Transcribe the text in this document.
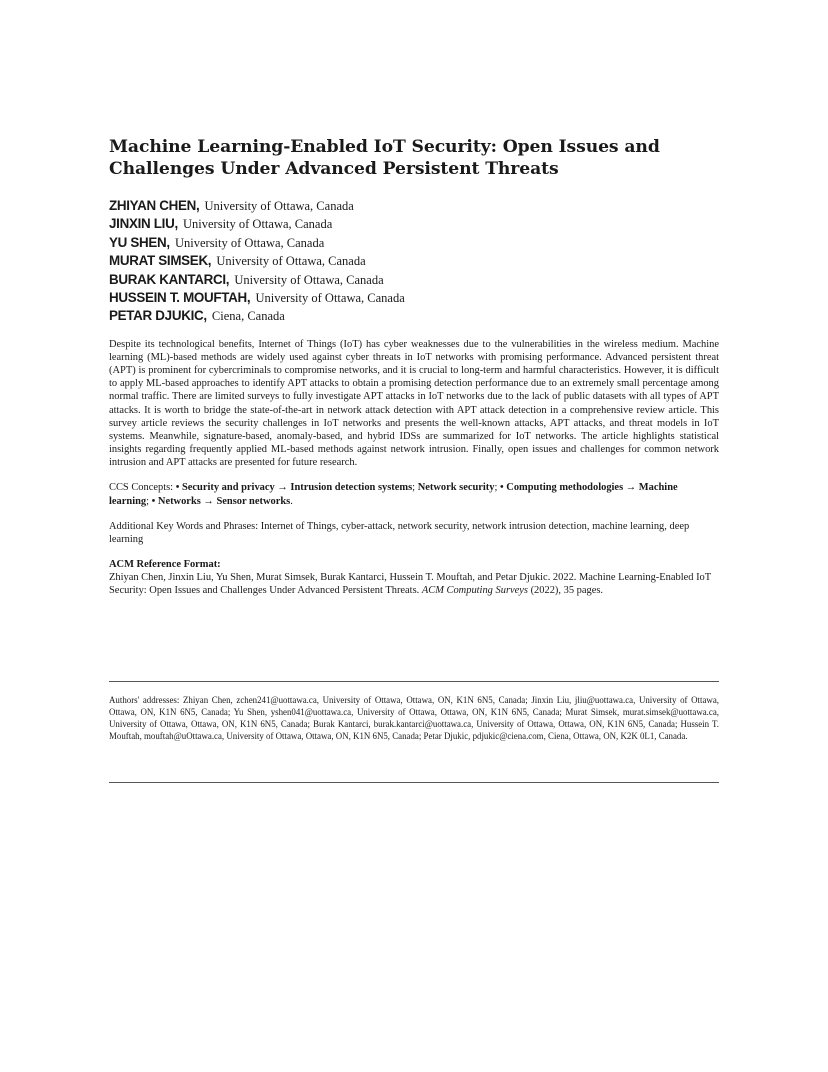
Machine Learning-Enabled IoT Security: Open Issues and Challenges Under Advanced Persistent Threats
ZHIYAN CHEN, University of Ottawa, Canada
JINXIN LIU, University of Ottawa, Canada
YU SHEN, University of Ottawa, Canada
MURAT SIMSEK, University of Ottawa, Canada
BURAK KANTARCI, University of Ottawa, Canada
HUSSEIN T. MOUFTAH, University of Ottawa, Canada
PETAR DJUKIC, Ciena, Canada

Despite its technological benefits, Internet of Things (IoT) has cyber weaknesses due to the vulnerabilities in the wireless medium. Machine learning (ML)-based methods are widely used against cyber threats in IoT networks with promising performance. Advanced persistent threat (APT) is prominent for cybercriminals to compromise networks, and it is crucial to long-term and harmful characteristics. However, it is difficult to apply ML-based approaches to identify APT attacks to obtain a promising detection performance due to an extremely small percentage among normal traffic. There are limited surveys to fully investigate APT attacks in IoT networks due to the lack of public datasets with all types of APT attacks. It is worth to bridge the state-of-the-art in network attack detection with APT attack detection in a comprehensive review article. This survey article reviews the security challenges in IoT networks and presents the well-known attacks, APT attacks, and threat models in IoT systems. Meanwhile, signature-based, anomaly-based, and hybrid IDSs are summarized for IoT networks. The article highlights statistical insights regarding frequently applied ML-based methods against network intrusion. Finally, open issues and challenges for common network intrusion and APT attacks are presented for future research.

CCS Concepts: • Security and privacy → Intrusion detection systems; Network security; • Computing methodologies → Machine learning; • Networks → Sensor networks.

Additional Key Words and Phrases: Internet of Things, cyber-attack, network security, network intrusion detection, machine learning, deep learning

ACM Reference Format:

Zhiyan Chen, Jinxin Liu, Yu Shen, Murat Simsek, Burak Kantarci, Hussein T. Mouftah, and Petar Djukic. 2022. Machine Learning-Enabled IoT Security: Open Issues and Challenges Under Advanced Persistent Threats. ACM Computing Surveys (2022), 35 pages.

Authors' addresses: Zhiyan Chen, zchen241@uottawa.ca, University of Ottawa, Ottawa, ON, K1N 6N5, Canada; Jinxin Liu, jliu@uottawa.ca, University of Ottawa, Ottawa, ON, K1N 6N5, Canada; Yu Shen, yshen041@uottawa.ca, University of Ottawa, Ottawa, ON, K1N 6N5, Canada; Murat Simsek, murat.simsek@uottawa.ca, University of Ottawa, Ottawa, ON, K1N 6N5, Canada; Burak Kantarci, burak.kantarci@uottawa.ca, University of Ottawa, Ottawa, ON, K1N 6N5, Canada; Hussein T. Mouftah, mouftah@uOttawa.ca, University of Ottawa, Ottawa, ON, K1N 6N5, Canada; Petar Djukic, pdjukic@ciena.com, Ciena, Ottawa, ON, K2K 0L1, Canada.
